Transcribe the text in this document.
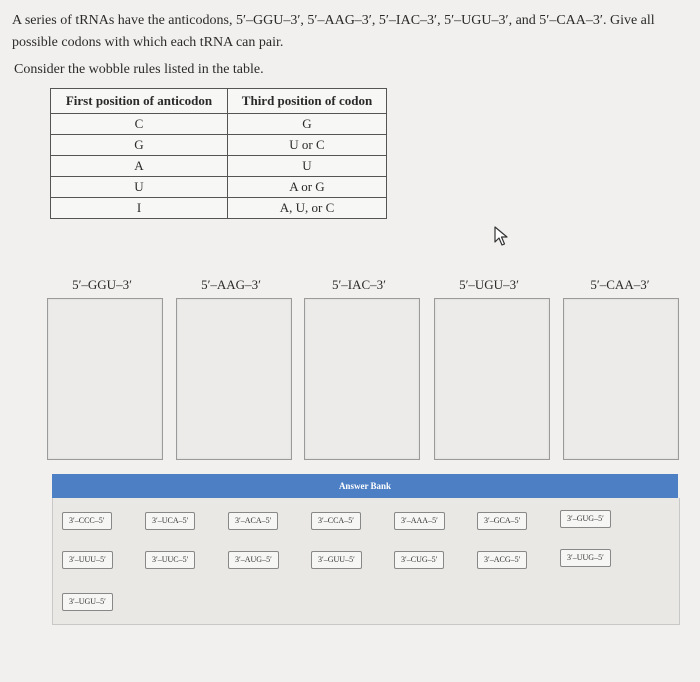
A series of tRNAs have the anticodons, 5′–GGU–3′, 5′–AAG–3′, 5′–IAC–3′, 5′–UGU–3′, and 5′–CAA–3′. Give all possible codons with which each tRNA can pair.
Consider the wobble rules listed in the table.
First position of anticodon	Third position of codon
C	G
G	U or C
A	U
U	A or G
I	A, U, or C
5′–GGU–3′	5′–AAG–3′	5′–IAC–3′	5′–UGU–3′	5′–CAA–3′
Answer Bank
3′–CCC–5′	3′–UCA–5′	3′–ACA–5′	3′–CCA–5′	3′–AAA–5′	3′–GCA–5′	3′–GUG–5′
3′–UUU–5′	3′–UUC–5′	3′–AUG–5′	3′–GUU–5′	3′–CUG–5′	3′–ACG–5′	3′–UUG–5′
3′–UGU–5′
